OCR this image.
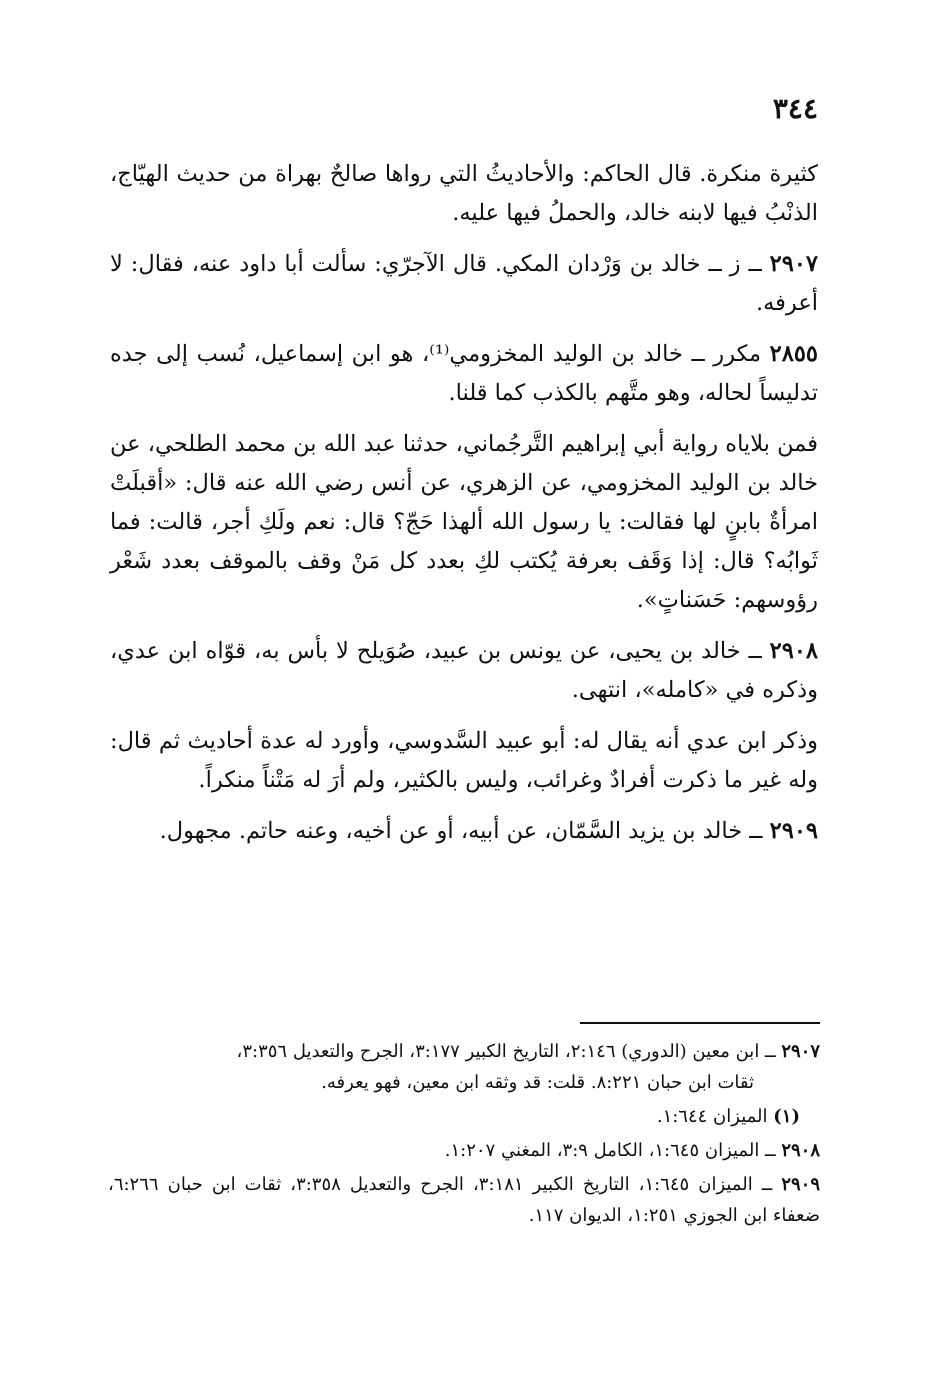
٣٤٤

كثيرة منكرة. قال الحاكم: والأحاديثُ التي رواها صالحٌ بهراة من حديث الهيّاج، الذنْبُ فيها لابنه خالد، والحملُ فيها عليه.

٢٩٠٧ ــ ز ــ خالد بن وَرْدان المكي. قال الآجرّي: سألت أبا داود عنه، فقال: لا أعرفه.

٢٨٥٥ مكرر ــ خالد بن الوليد المخزومي⁽¹⁾، هو ابن إسماعيل، نُسب إلى جده تدليساً لحاله، وهو متَّهم بالكذب كما قلنا.

فمن بلاياه رواية أبي إبراهيم التَّرجُماني، حدثنا عبد الله بن محمد الطلحي، عن خالد بن الوليد المخزومي، عن الزهري، عن أنس رضي الله عنه قال: «أقبلَتْ امرأةٌ بابنٍ لها فقالت: يا رسول الله ألهذا حَجّ؟ قال: نعم ولَكِ أجر، قالت: فما ثَوابُه؟ قال: إذا وَقَف بعرفة يُكتب لكِ بعدد كل مَنْ وقف بالموقف بعدد شَعْر رؤوسهم: حَسَناتٍ».

٢٩٠٨ ــ خالد بن يحيى، عن يونس بن عبيد، صُوَيلح لا بأس به، قوّاه ابن عدي، وذكره في «كامله»، انتهى.

وذكر ابن عدي أنه يقال له: أبو عبيد السَّدوسي، وأورد له عدة أحاديث ثم قال: وله غير ما ذكرت أفرادٌ وغرائب، وليس بالكثير، ولم أرَ له مَتْناً منكراً.

٢٩٠٩ ــ خالد بن يزيد السَّمّان، عن أبيه، أو عن أخيه، وعنه حاتم. مجهول.

٢٩٠٧ ــ ابن معين (الدوري) ٢:١٤٦، التاريخ الكبير ٣:١٧٧، الجرح والتعديل ٣:٣٥٦،
ثقات ابن حبان ٨:٢٢١. قلت: قد وثقه ابن معين، فهو يعرفه.
(١) الميزان ١:٦٤٤.
٢٩٠٨ ــ الميزان ١:٦٤٥، الكامل ٣:٩، المغني ١:٢٠٧.
٢٩٠٩ ــ الميزان ١:٦٤٥، التاريخ الكبير ٣:١٨١، الجرح والتعديل ٣:٣٥٨، ثقات ابن حبان ٦:٢٦٦، ضعفاء ابن الجوزي ١:٢٥١، الديوان ١١٧.
